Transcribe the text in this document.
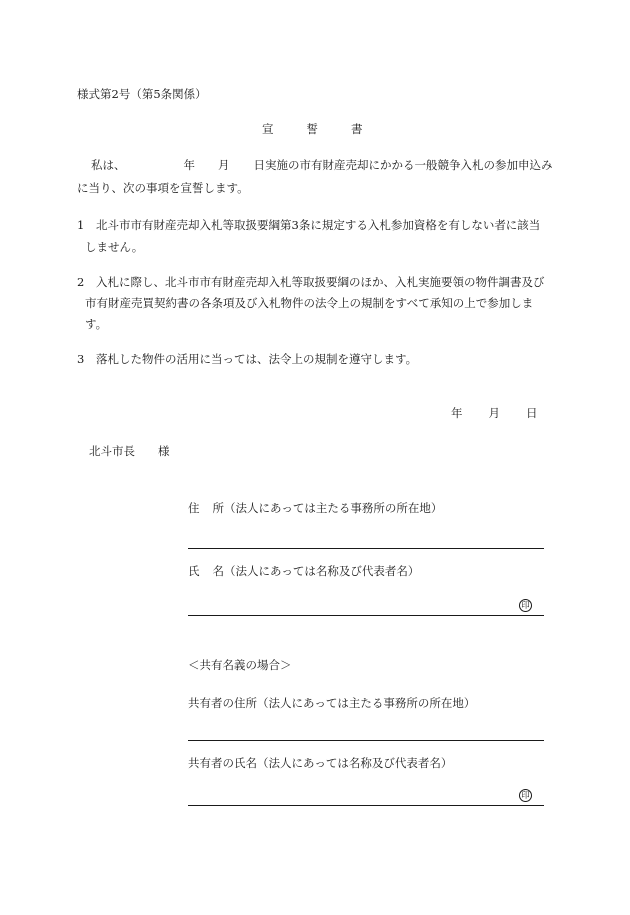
様式第2号（第5条関係）
宣	誓	書
私は、	年 月 日実施の市有財産売却にかかる一般競争入札の参加申込み
に当り、次の事項を宣誓します。
1 北斗市市有財産売却入札等取扱要綱第3条に規定する入札参加資格を有しない者に該当
しません。
2 入札に際し、北斗市市有財産売却入札等取扱要綱のほか、入札実施要領の物件調書及び
市有財産売買契約書の各条項及び入札物件の法令上の規制をすべて承知の上で参加しま
す。
3 落札した物件の活用に当っては、法令上の規制を遵守します。
年 月 日
北斗市長 様
住 所（法人にあっては主たる事務所の所在地）
氏 名（法人にあっては名称及び代表者名）
印
＜共有名義の場合＞
共有者の住所（法人にあっては主たる事務所の所在地）
共有者の氏名（法人にあっては名称及び代表者名）
印
